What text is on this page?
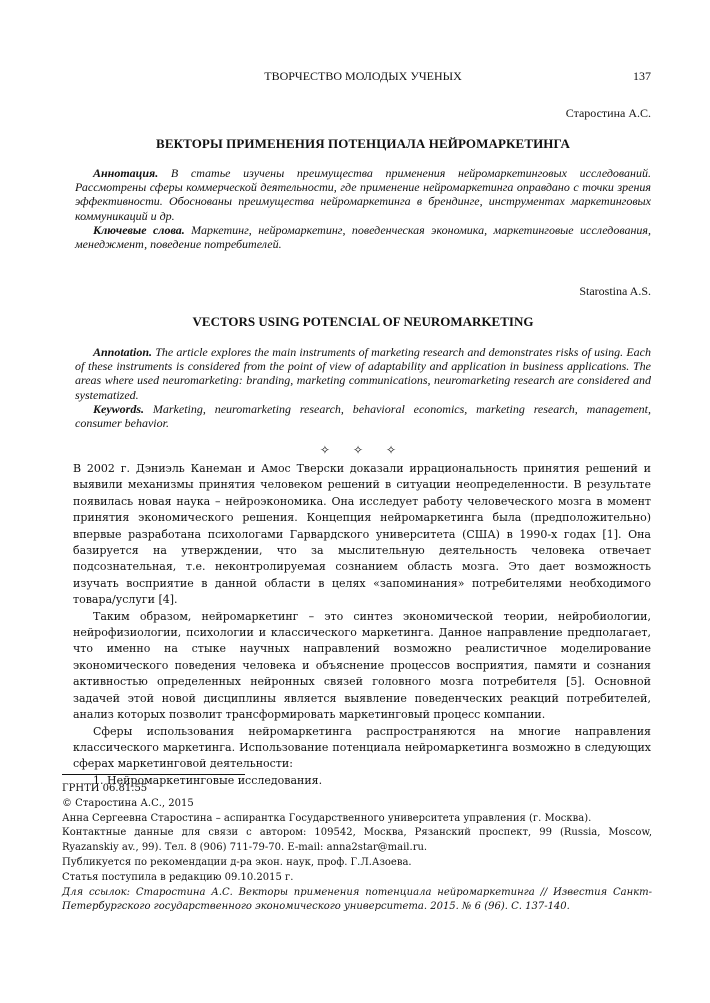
ТВОРЧЕСТВО МОЛОДЫХ УЧЕНЫХ	137
Старостина А.С.
ВЕКТОРЫ ПРИМЕНЕНИЯ ПОТЕНЦИАЛА НЕЙРОМАРКЕТИНГА

Аннотация. В статье изучены преимущества применения нейромаркетинговых исследований. Рассмотрены сферы коммерческой деятельности, где применение нейромаркетинга оправдано с точки зрения эффективности. Обоснованы преимущества нейромаркетинга в брендинге, инструментах маркетинговых коммуникаций и др.

Ключевые слова. Маркетинг, нейромаркетинг, поведенческая экономика, маркетинговые исследования, менеджмент, поведение потребителей.

Starostina A.S.
VECTORS USING POTENCIAL OF NEUROMARKETING

Annotation. The article explores the main instruments of marketing research and demonstrates risks of using. Each of these instruments is considered from the point of view of adaptability and application in business applications. The areas where used neuromarketing: branding, marketing communications, neuromarketing research are considered and systematized.

Keywords. Marketing, neuromarketing research, behavioral economics, marketing research, management, consumer behavior.

✧ ✧ ✧

В 2002 г. Дэниэль Канеман и Амос Тверски доказали иррациональность принятия решений и выявили механизмы принятия человеком решений в ситуации неопределенности. В результате появилась новая наука – нейроэкономика. Она исследует работу человеческого мозга в момент принятия экономического решения. Концепция нейромаркетинга была (предположительно) впервые разработана психологами Гарвардского университета (США) в 1990-х годах [1]. Она базируется на утверждении, что за мыслительную деятельность человека отвечает подсознательная, т.е. неконтролируемая сознанием область мозга. Это дает возможность изучать восприятие в данной области в целях «запоминания» потребителями необходимого товара/услуги [4].

Таким образом, нейромаркетинг – это синтез экономической теории, нейробиологии, нейрофизиологии, психологии и классического маркетинга. Данное направление предполагает, что именно на стыке научных направлений возможно реалистичное моделирование экономического поведения человека и объяснение процессов восприятия, памяти и сознания активностью определенных нейронных связей головного мозга потребителя [5]. Основной задачей этой новой дисциплины является выявление поведенческих реакций потребителей, анализ которых позволит трансформировать маркетинговый процесс компании.

Сферы использования нейромаркетинга распространяются на многие направления классического маркетинга. Использование потенциала нейромаркетинга возможно в следующих сферах маркетинговой деятельности:

1. Нейромаркетинговые исследования.

ГРНТИ 06.81.55

© Старостина А.С., 2015

Анна Сергеевна Старостина – аспирантка Государственного университета управления (г. Москва).

Контактные данные для связи с автором: 109542, Москва, Рязанский проспект, 99 (Russia, Moscow, Ryazanskiy av., 99). Тел. 8 (906) 711-79-70. E-mail: anna2star@mail.ru.

Публикуется по рекомендации д-ра экон. наук, проф. Г.Л.Азоева.

Статья поступила в редакцию 09.10.2015 г.

Для ссылок: Старостина А.С. Векторы применения потенциала нейромаркетинга // Известия Санкт-Петербургского государственного экономического университета. 2015. № 6 (96). С. 137-140.
